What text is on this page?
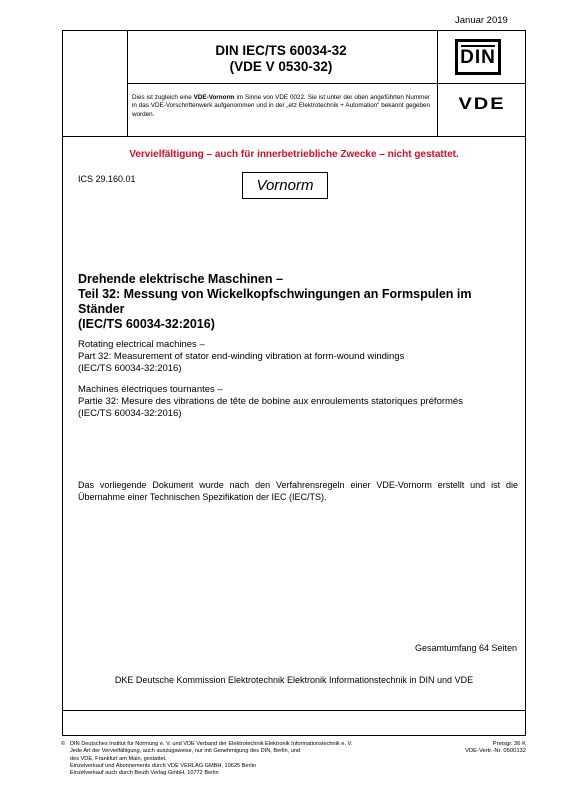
Januar 2019
DIN IEC/TS 60034-32
(VDE V 0530-32)	DIN
Dies ist zugleich eine VDE-Vornorm im Sinne von VDE 0022. Sie ist unter der oben angeführten Nummer in das VDE-Vorschriftenwerk aufgenommen und in der „etz Elektrotechnik + Automation“ bekannt gegeben worden.
VDE
Vervielfältigung – auch für innerbetriebliche Zwecke – nicht gestattet.
ICS 29.160.01	Vornorm
Drehende elektrische Maschinen –
Teil 32: Messung von Wickelkopfschwingungen an Formspulen im
Ständer
(IEC/TS 60034-32:2016)
Rotating electrical machines –
Part 32: Measurement of stator end-winding vibration at form-wound windings
(IEC/TS 60034-32:2016)
Machines électriques tournantes –
Partie 32: Mesure des vibrations de tête de bobine aux enroulements statoriques préformés
(IEC/TS 60034-32:2016)
Das vorliegende Dokument wurde nach den Verfahrensregeln einer VDE-Vornorm erstellt und ist die Übernahme einer Technischen Spezifikation der IEC (IEC/TS).
Gesamtumfang 64 Seiten
DKE Deutsche Kommission Elektrotechnik Elektronik Informationstechnik in DIN und VDE
© DIN Deutsches Institut für Normung e. V. und VDE Verband der Elektrotechnik Elektronik Informationstechnik e. V.
Jede Art der Vervielfältigung, auch auszugsweise, nur mit Genehmigung des DIN, Berlin, und
des VDE, Frankfurt am Main, gestattet.
Einzelverkauf und Abonnements durch VDE VERLAG GMBH, 10625 Berlin
Einzelverkauf auch durch Beuth Verlag GmbH, 10772 Berlin
Preisgr. 36 K
VDE-Vertr.-Nr. 0500132
